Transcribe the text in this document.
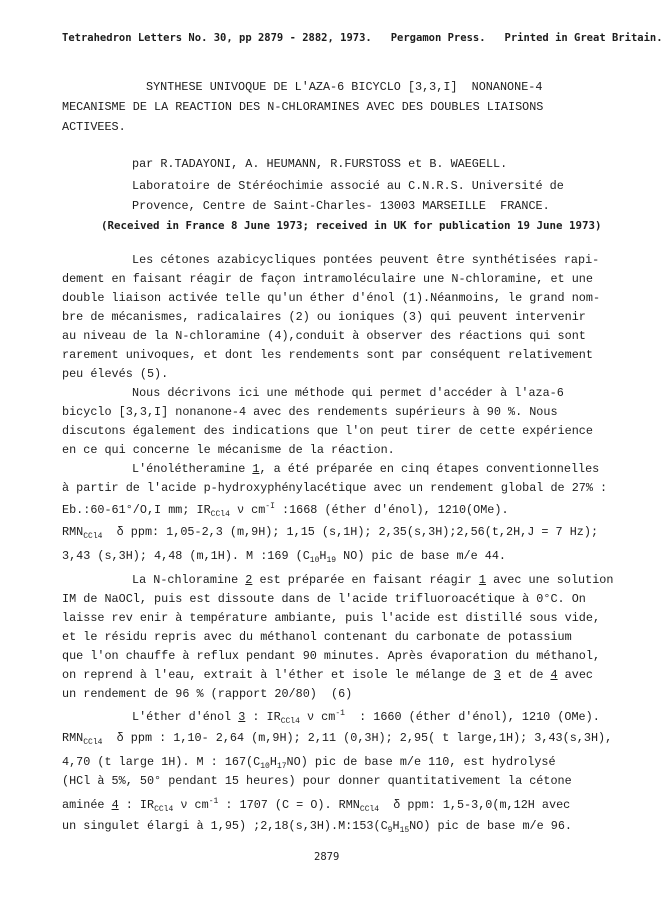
Tetrahedron Letters No. 30, pp 2879 - 2882, 1973.   Pergamon Press.   Printed in Great Britain.
SYNTHESE UNIVOQUE DE L'AZA-6 BICYCLO [3,3,I]  NONANONE-4
MECANISME DE LA REACTION DES N-CHLORAMINES AVEC DES DOUBLES LIAISONS
ACTIVEES.
par R.TADAYONI, A. HEUMANN, R.FURSTOSS et B. WAEGELL.
Laboratoire de Stéréochimie associé au C.N.R.S. Université de
Provence, Centre de Saint-Charles- 13003 MARSEILLE  FRANCE.
(Received in France 8 June 1973; received in UK for publication 19 June 1973)
Les cétones azabicycliques pontées peuvent être synthétisées rapi-
dement en faisant réagir de façon intramoléculaire une N-chloramine, et une
double liaison activée telle qu'un éther d'énol (1).Néanmoins, le grand nom-
bre de mécanismes, radicalaires (2) ou ioniques (3) qui peuvent intervenir
au niveau de la N-chloramine (4),conduit à observer des réactions qui sont
rarement univoques, et dont les rendements sont par conséquent relativement
peu élevés (5).
Nous décrivons ici une méthode qui permet d'accéder à l'aza-6
bicyclo [3,3,I] nonanone-4 avec des rendements supérieurs à 90 %. Nous
discutons également des indications que l'on peut tirer de cette expérience
en ce qui concerne le mécanisme de la réaction.
L'énolétheramine 1, a été préparée en cinq étapes conventionnelles
à partir de l'acide p-hydroxyphénylacétique avec un rendement global de 27% :
Eb.:60-61°/O,I mm; $IR_{CCl4}$ ν $cm^{-I}$ :1668 (éther d'énol), 1210(OMe).
$RMN_{CCl4}$  δ ppm: 1,05-2,3 (m,9H); 1,15 (s,1H); 2,35(s,3H);2,56(t,2H,J = 7 Hz);
3,43 (s,3H); 4,48 (m,1H). M :169 ($C_{10}H_{19}$ NO) pic de base m/e 44.
La N-chloramine 2 est préparée en faisant réagir 1 avec une solution
IM de NaOCl, puis est dissoute dans de l'acide trifluoroacétique à 0°C. On
laisse rev enir à température ambiante, puis l'acide est distillé sous vide,
et le résidu repris avec du méthanol contenant du carbonate de potassium
que l'on chauffe à reflux pendant 90 minutes. Après évaporation du méthanol,
on reprend à l'eau, extrait à l'éther et isole le mélange de 3 et de 4 avec
un rendement de 96 % (rapport 20/80)  (6)
L'éther d'énol 3 : $IR_{CCl4}$ ν $cm^{-1}$  : 1660 (éther d'énol), 1210 (OMe).
$RMN_{CCl4}$  δ ppm : 1,10- 2,64 (m,9H); 2,11 (0,3H); 2,95( t large,1H); 3,43(s,3H),
4,70 (t large 1H). M : $167(C_{10}H_{17}NO)$ pic de base m/e 110, est hydrolysé
(HCl à 5%, 50° pendant 15 heures) pour donner quantitativement la cétone
aminée 4 : $IR_{CCl4}$ ν $cm^{-1}$ : 1707 (C = O). $RMN_{CCl4}$  δ ppm: 1,5-3,0(m,12H avec
un singulet élargi à 1,95) $;2,18(s,3H).M:153(C_9H_{15}NO)$ pic de base m/e 96.
2879
